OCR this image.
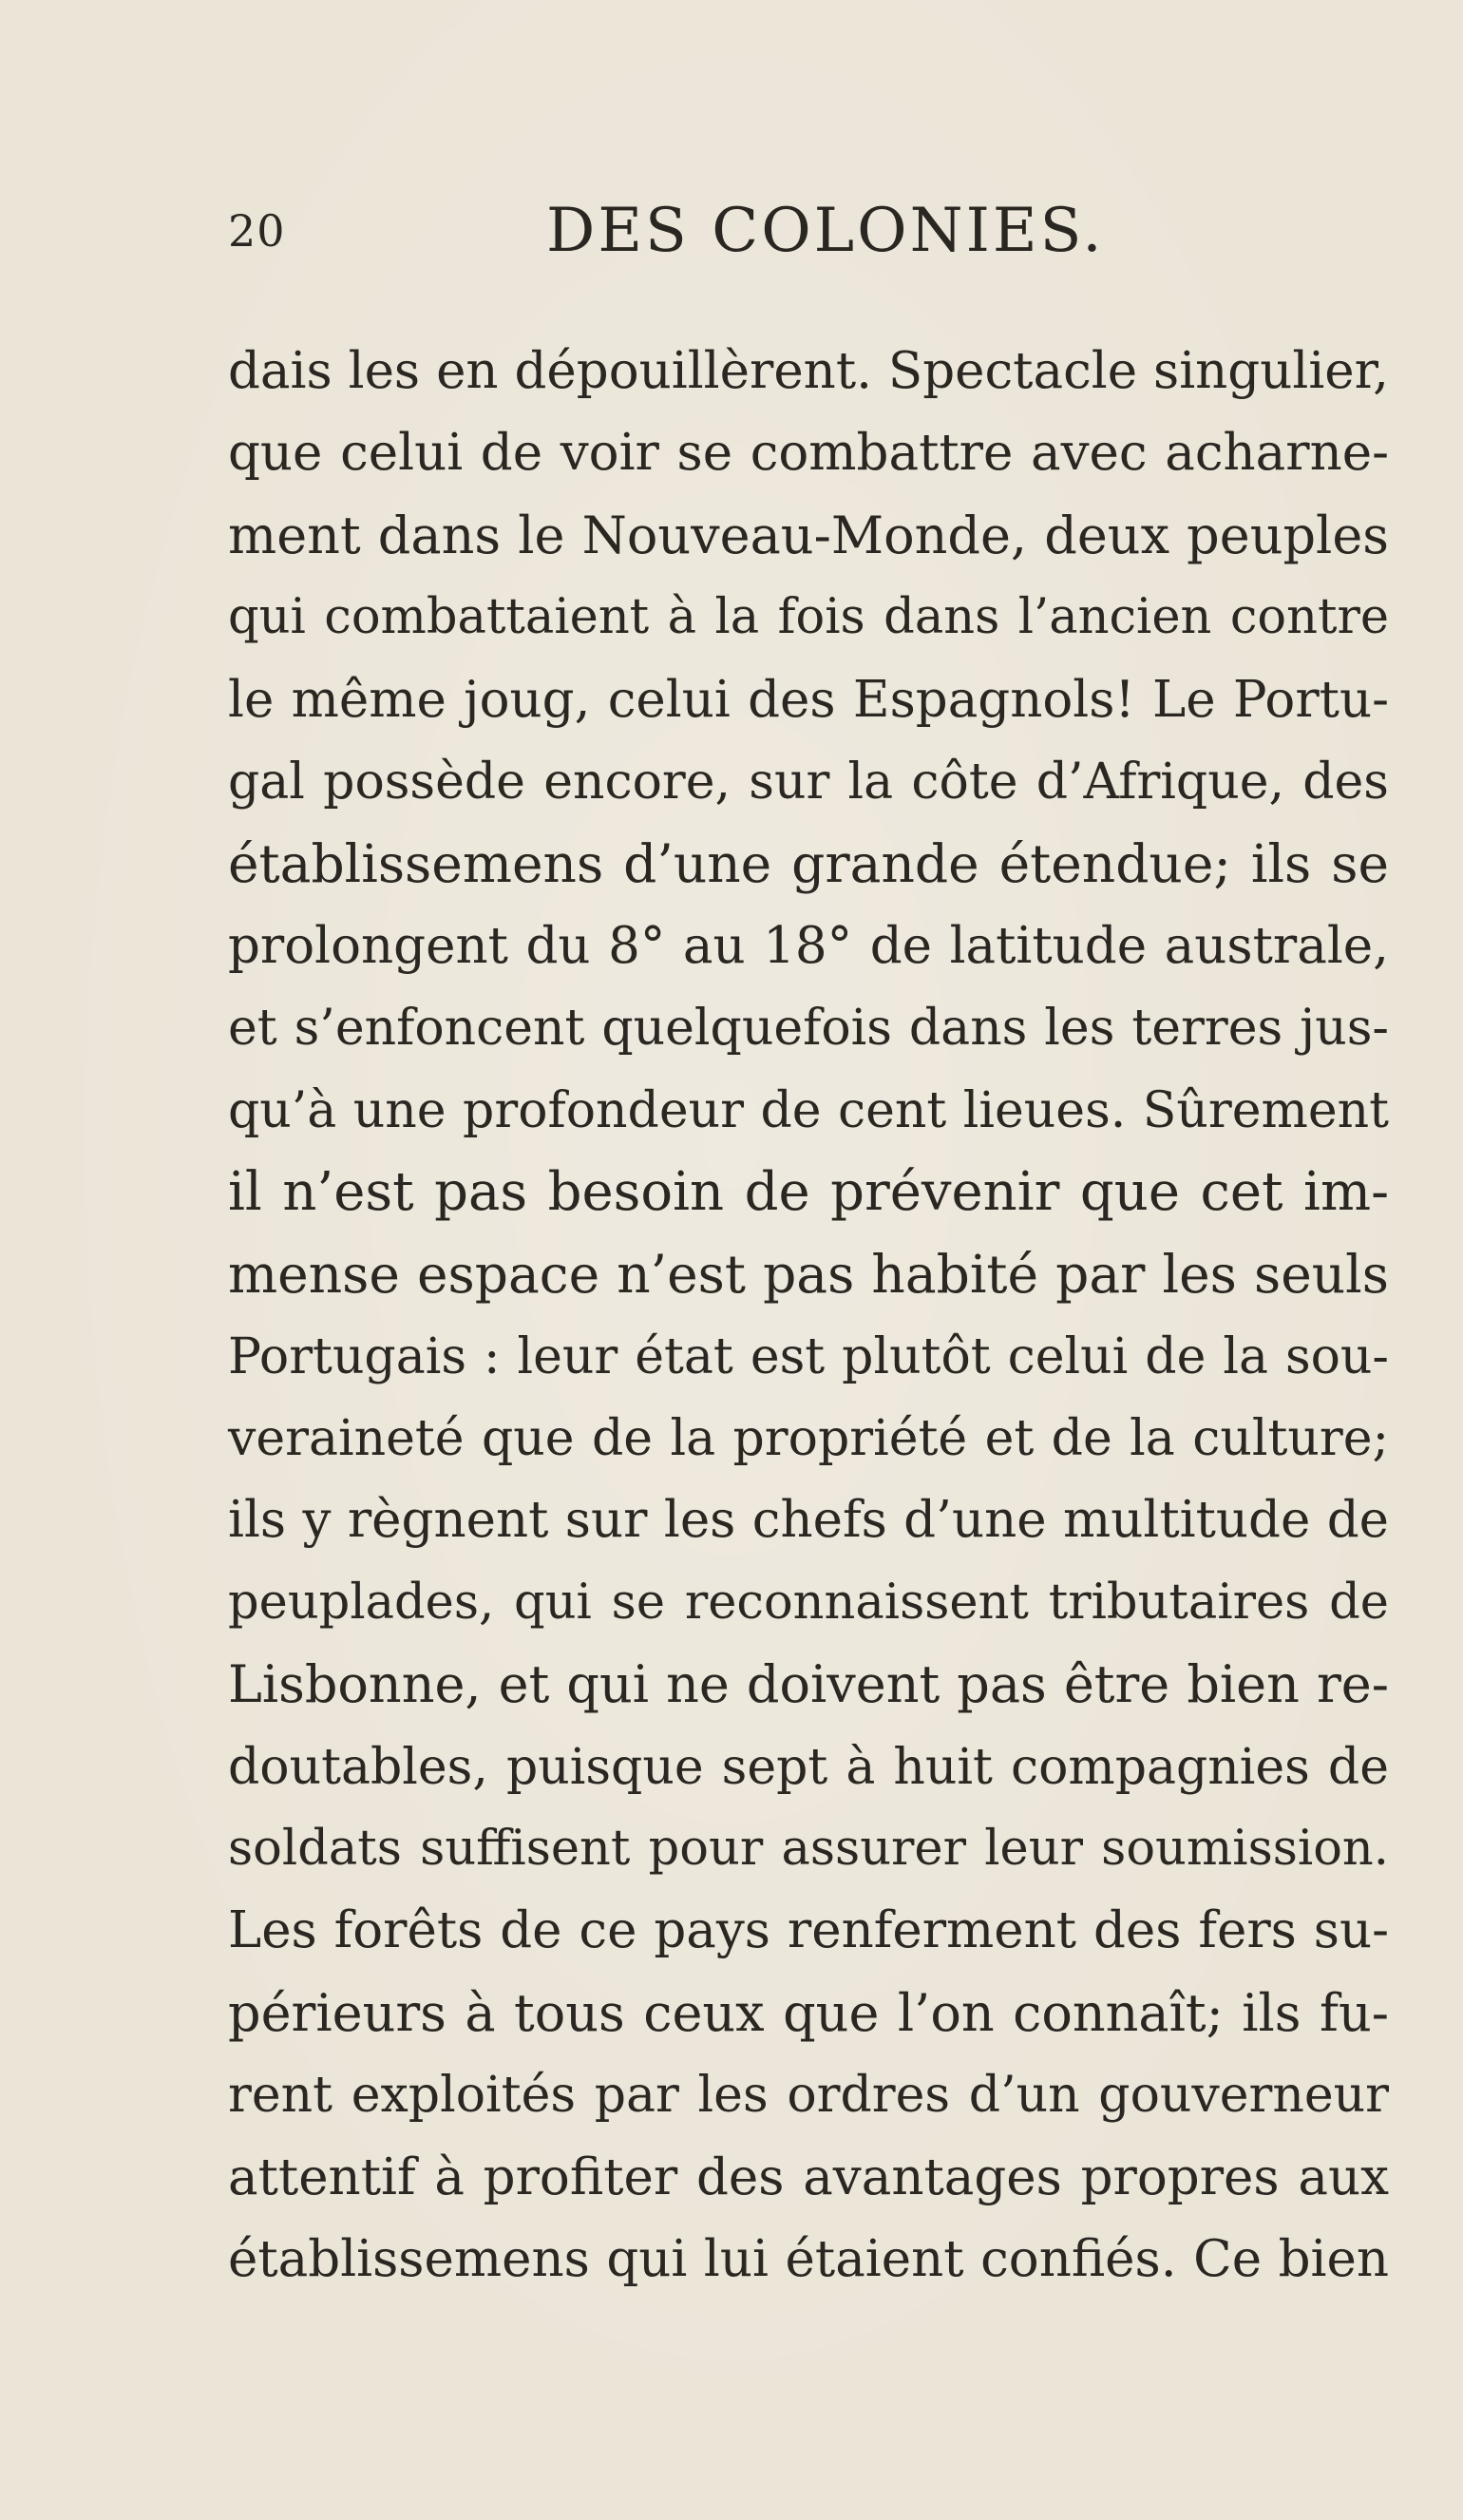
20	DES COLONIES.
dais les en dépouillèrent. Spectacle singulier,
que celui de voir se combattre avec acharne-
ment dans le Nouveau-Monde, deux peuples
qui combattaient à la fois dans l’ancien contre
le même joug, celui des Espagnols! Le Portu-
gal possède encore, sur la côte d’Afrique, des
établissemens d’une grande étendue; ils se
prolongent du 8° au 18° de latitude australe,
et s’enfoncent quelquefois dans les terres jus-
qu’à une profondeur de cent lieues. Sûrement
il n’est pas besoin de prévenir que cet im-
mense espace n’est pas habité par les seuls
Portugais : leur état est plutôt celui de la sou-
veraineté que de la propriété et de la culture;
ils y règnent sur les chefs d’une multitude de
peuplades, qui se reconnaissent tributaires de
Lisbonne, et qui ne doivent pas être bien re-
doutables, puisque sept à huit compagnies de
soldats suffisent pour assurer leur soumission.
Les forêts de ce pays renferment des fers su-
périeurs à tous ceux que l’on connaît; ils fu-
rent exploités par les ordres d’un gouverneur
attentif à profiter des avantages propres aux
établissemens qui lui étaient confiés. Ce bien
